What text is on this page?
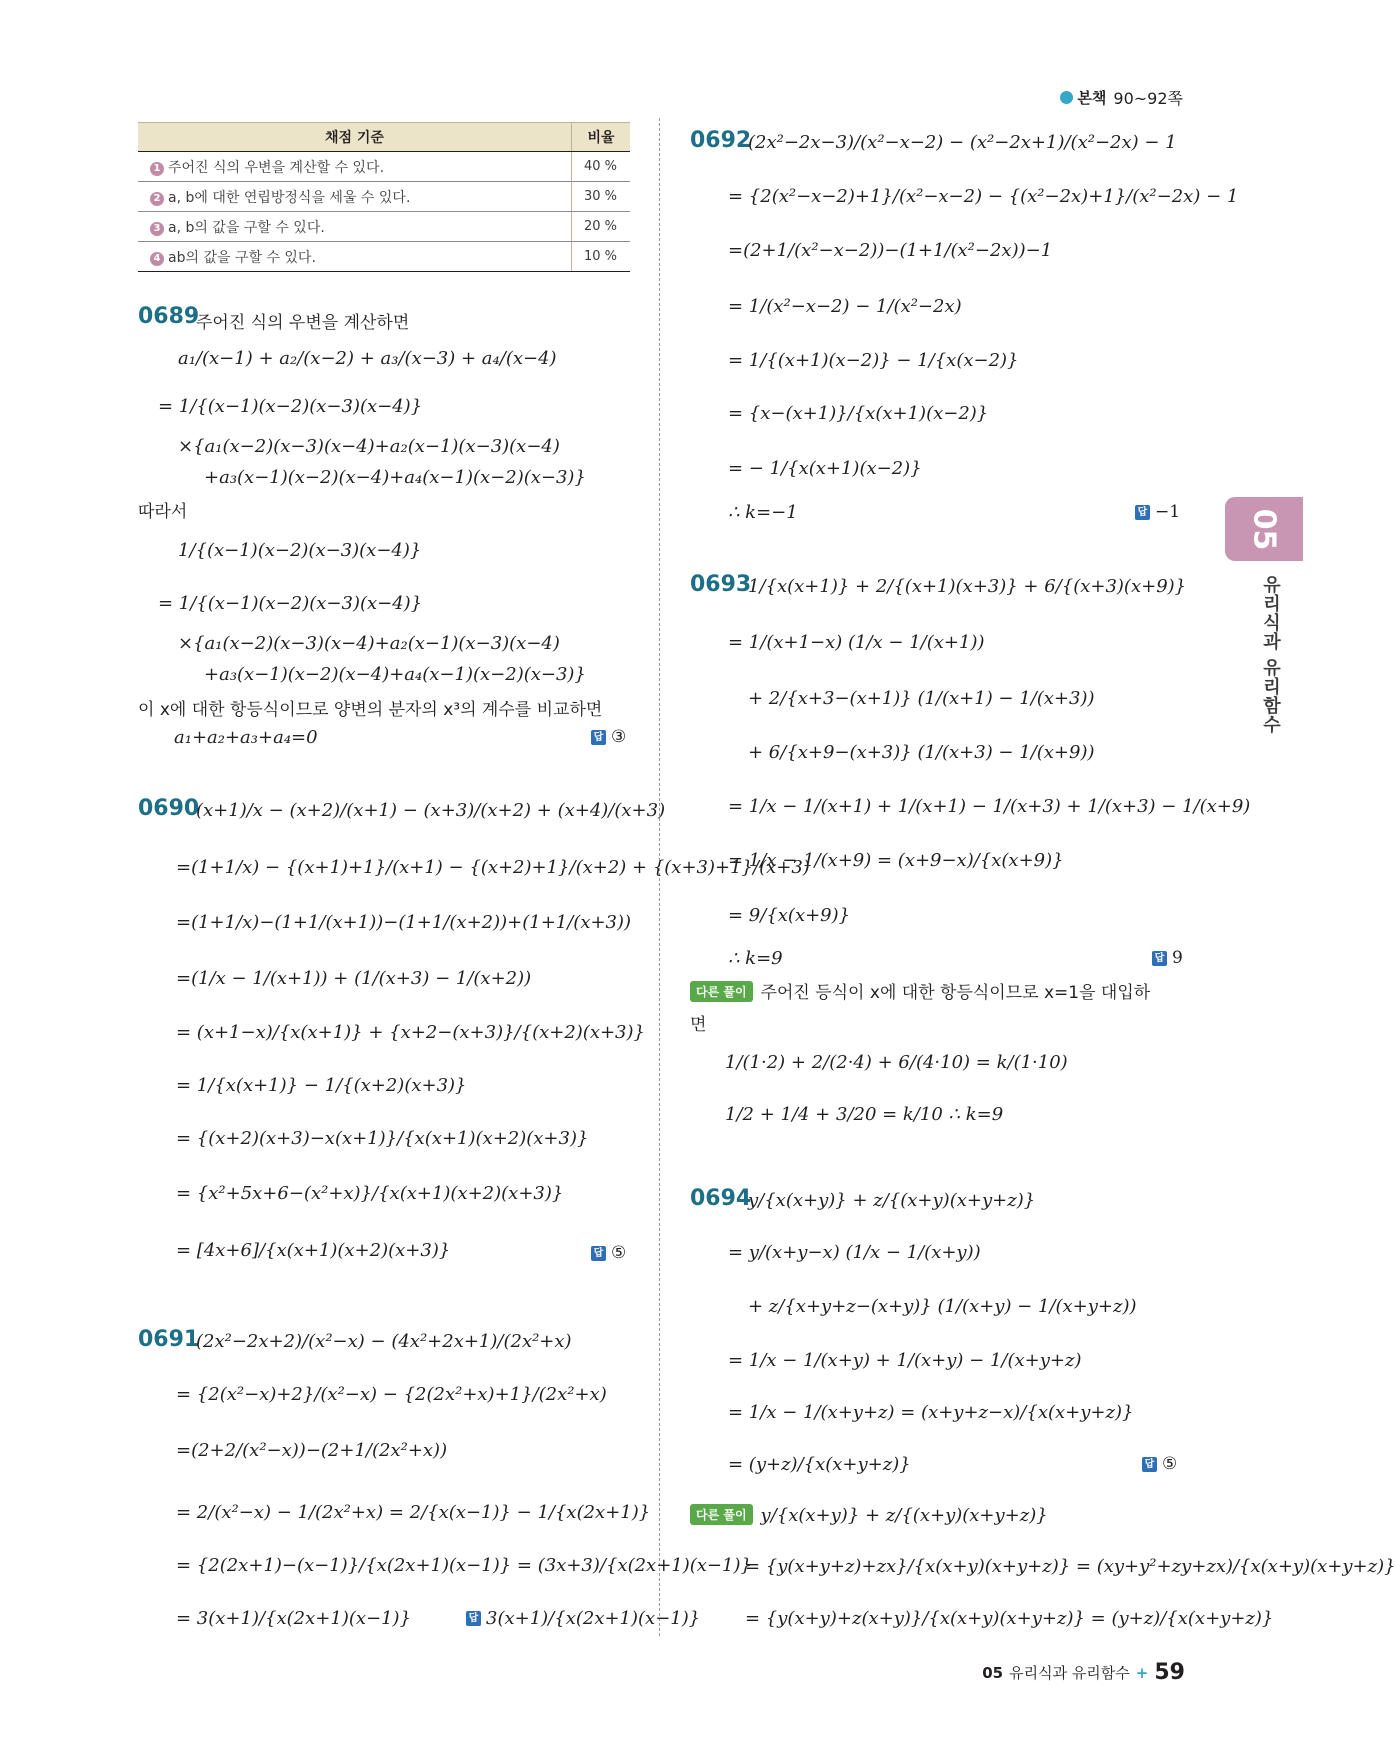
본책 90~92쪽
채점 기준	비율
1 주어진 식의 우변을 계산할 수 있다.	40 %
2 a, b에 대한 연립방정식을 세울 수 있다.	30 %
3 a, b의 값을 구할 수 있다.	20 %
4 ab의 값을 구할 수 있다.	10 %
0689
주어진 식의 우변을 계산하면
a₁/(x−1) + a₂/(x−2) + a₃/(x−3) + a₄/(x−4)
= 1/{(x−1)(x−2)(x−3)(x−4)}
×{a₁(x−2)(x−3)(x−4)+a₂(x−1)(x−3)(x−4)
+a₃(x−1)(x−2)(x−4)+a₄(x−1)(x−2)(x−3)}
따라서
1/{(x−1)(x−2)(x−3)(x−4)}
= 1/{(x−1)(x−2)(x−3)(x−4)}
×{a₁(x−2)(x−3)(x−4)+a₂(x−1)(x−3)(x−4)
+a₃(x−1)(x−2)(x−4)+a₄(x−1)(x−2)(x−3)}
이 x에 대한 항등식이므로 양변의 분자의 x³의 계수를 비교하면
a₁+a₂+a₃+a₄=0	답 ③
0690
(x+1)/x − (x+2)/(x+1) − (x+3)/(x+2) + (x+4)/(x+3)
=(1+1/x) − {(x+1)+1}/(x+1) − {(x+2)+1}/(x+2) + {(x+3)+1}/(x+3)
=(1+1/x)−(1+1/(x+1))−(1+1/(x+2))+(1+1/(x+3))
=(1/x − 1/(x+1)) + (1/(x+3) − 1/(x+2))
= (x+1−x)/{x(x+1)} + {x+2−(x+3)}/{(x+2)(x+3)}
= 1/{x(x+1)} − 1/{(x+2)(x+3)}
= {(x+2)(x+3)−x(x+1)}/{x(x+1)(x+2)(x+3)}
= {x²+5x+6−(x²+x)}/{x(x+1)(x+2)(x+3)}
= [4x+6]/{x(x+1)(x+2)(x+3)}	답 ⑤
0691
(2x²−2x+2)/(x²−x) − (4x²+2x+1)/(2x²+x)
= {2(x²−x)+2}/(x²−x) − {2(2x²+x)+1}/(2x²+x)
=(2+2/(x²−x))−(2+1/(2x²+x))
= 2/(x²−x) − 1/(2x²+x) = 2/{x(x−1)} − 1/{x(2x+1)}
= {2(2x+1)−(x−1)}/{x(2x+1)(x−1)} = (3x+3)/{x(2x+1)(x−1)}
= 3(x+1)/{x(2x+1)(x−1)}	답 3(x+1)/{x(2x+1)(x−1)}
0692
(2x²−2x−3)/(x²−x−2) − (x²−2x+1)/(x²−2x) − 1
= {2(x²−x−2)+1}/(x²−x−2) − {(x²−2x)+1}/(x²−2x) − 1
=(2+1/(x²−x−2))−(1+1/(x²−2x))−1
= 1/(x²−x−2) − 1/(x²−2x)
= 1/{(x+1)(x−2)} − 1/{x(x−2)}
= {x−(x+1)}/{x(x+1)(x−2)}
= − 1/{x(x+1)(x−2)}
∴ k=−1	답 −1
0693
1/{x(x+1)} + 2/{(x+1)(x+3)} + 6/{(x+3)(x+9)}
= 1/(x+1−x) (1/x − 1/(x+1))
+ 2/{x+3−(x+1)} (1/(x+1) − 1/(x+3))
+ 6/{x+9−(x+3)} (1/(x+3) − 1/(x+9))
= 1/x − 1/(x+1) + 1/(x+1) − 1/(x+3) + 1/(x+3) − 1/(x+9)
= 1/x − 1/(x+9) = (x+9−x)/{x(x+9)}
= 9/{x(x+9)}
∴ k=9	답 9
다른 풀이 주어진 등식이 x에 대한 항등식이므로 x=1을 대입하
면
1/(1·2) + 2/(2·4) + 6/(4·10) = k/(1·10)
1/2 + 1/4 + 3/20 = k/10 ∴ k=9
0694
y/{x(x+y)} + z/{(x+y)(x+y+z)}
= y/(x+y−x) (1/x − 1/(x+y))
+ z/{x+y+z−(x+y)} (1/(x+y) − 1/(x+y+z))
= 1/x − 1/(x+y) + 1/(x+y) − 1/(x+y+z)
= 1/x − 1/(x+y+z) = (x+y+z−x)/{x(x+y+z)}
= (y+z)/{x(x+y+z)}	답 ⑤
다른 풀이 y/{x(x+y)} + z/{(x+y)(x+y+z)}
= {y(x+y+z)+zx}/{x(x+y)(x+y+z)} = (xy+y²+zy+zx)/{x(x+y)(x+y+z)}
= {y(x+y)+z(x+y)}/{x(x+y)(x+y+z)} = (y+z)/{x(x+y+z)}
05
유리식과 유리함수
05 유리식과 유리함수 + 59
